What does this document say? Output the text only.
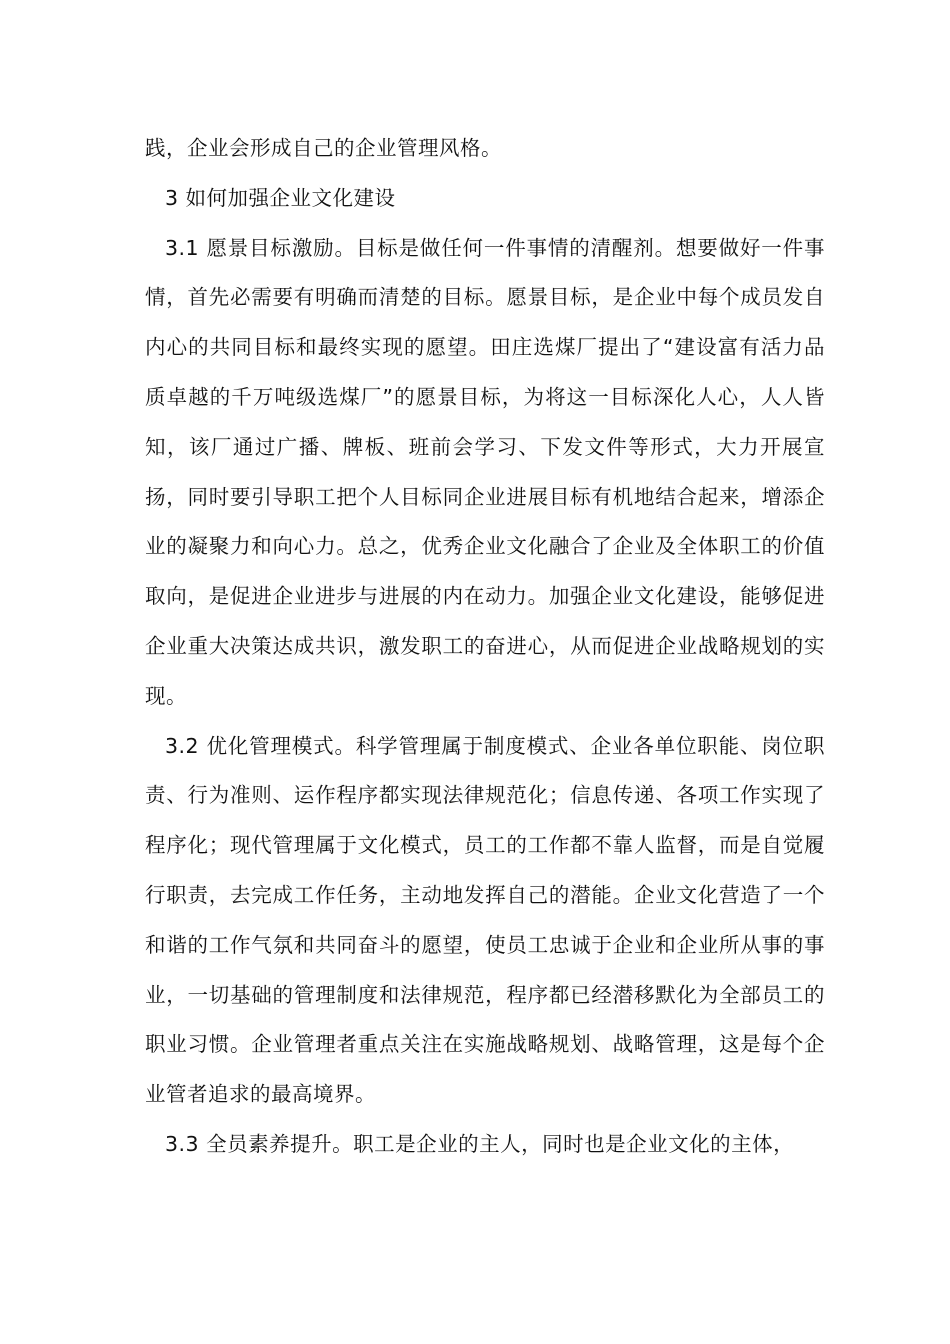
践，企业会形成自己的企业管理风格。

3 如何加强企业文化建设

3.1 愿景目标激励。目标是做任何一件事情的清醒剂。想要做好一件事情，首先必需要有明确而清楚的目标。愿景目标，是企业中每个成员发自内心的共同目标和最终实现的愿望。田庄选煤厂提出了“建设富有活力品质卓越的千万吨级选煤厂”的愿景目标，为将这一目标深化人心，人人皆知，该厂通过广播、牌板、班前会学习、下发文件等形式，大力开展宣扬，同时要引导职工把个人目标同企业进展目标有机地结合起来，增添企业的凝聚力和向心力。总之，优秀企业文化融合了企业及全体职工的价值取向，是促进企业进步与进展的内在动力。加强企业文化建设，能够促进企业重大决策达成共识，激发职工的奋进心，从而促进企业战略规划的实现。

3.2 优化管理模式。科学管理属于制度模式、企业各单位职能、岗位职责、行为准则、运作程序都实现法律规范化；信息传递、各项工作实现了程序化；现代管理属于文化模式，员工的工作都不靠人监督，而是自觉履行职责，去完成工作任务，主动地发挥自己的潜能。企业文化营造了一个和谐的工作气氛和共同奋斗的愿望，使员工忠诚于企业和企业所从事的事业，一切基础的管理制度和法律规范，程序都已经潜移默化为全部员工的职业习惯。企业管理者重点关注在实施战略规划、战略管理，这是每个企业管者追求的最高境界。

3.3 全员素养提升。职工是企业的主人，同时也是企业文化的主体，
